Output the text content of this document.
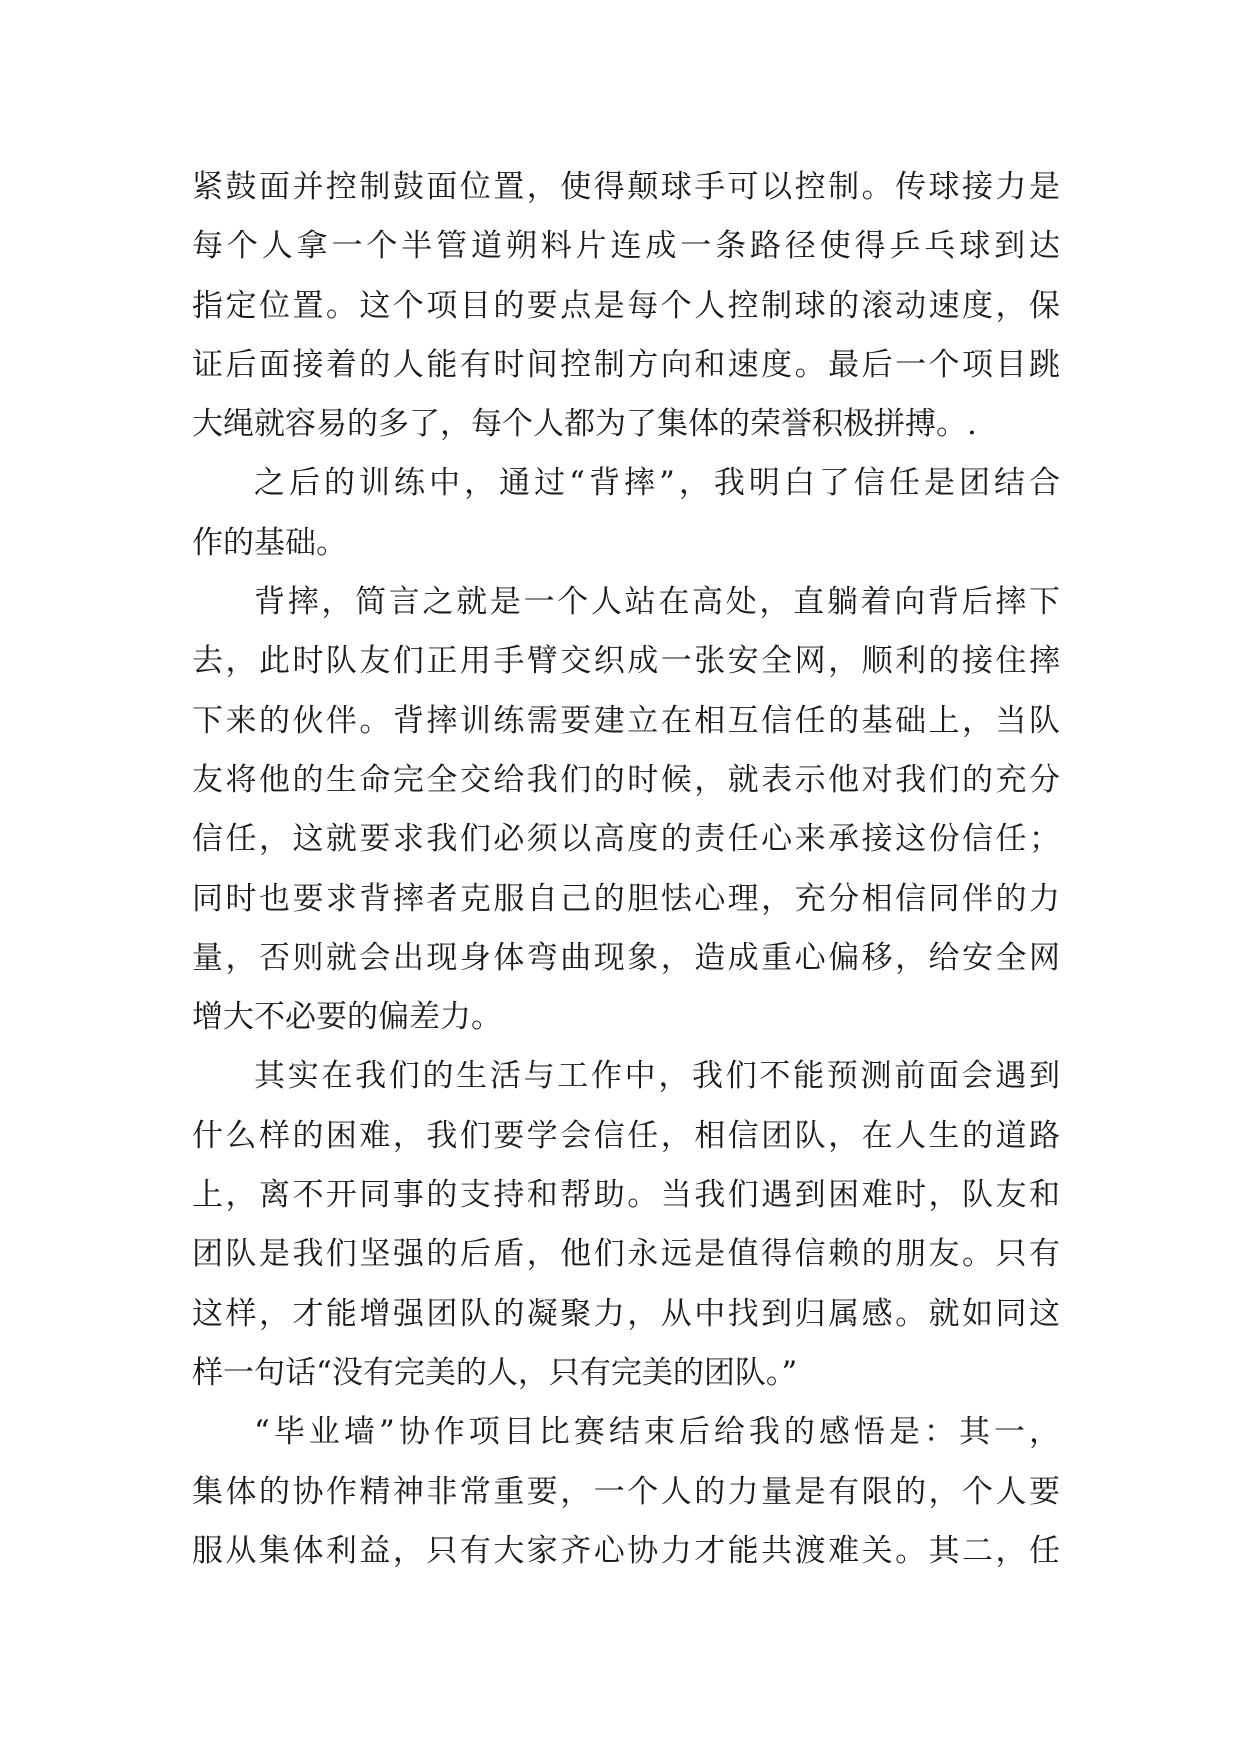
紧鼓面并控制鼓面位置，使得颠球手可以控制。传球接力是
每个人拿一个半管道朔料片连成一条路径使得乒乓球到达
指定位置。这个项目的要点是每个人控制球的滚动速度，保
证后面接着的人能有时间控制方向和速度。最后一个项目跳
大绳就容易的多了，每个人都为了集体的荣誉积极拼搏。.
之后的训练中，通过“背摔”，我明白了信任是团结合
作的基础。
背摔，简言之就是一个人站在高处，直躺着向背后摔下
去，此时队友们正用手臂交织成一张安全网，顺利的接住摔
下来的伙伴。背摔训练需要建立在相互信任的基础上，当队
友将他的生命完全交给我们的时候，就表示他对我们的充分
信任，这就要求我们必须以高度的责任心来承接这份信任；
同时也要求背摔者克服自己的胆怯心理，充分相信同伴的力
量，否则就会出现身体弯曲现象，造成重心偏移，给安全网
增大不必要的偏差力。
其实在我们的生活与工作中，我们不能预测前面会遇到
什么样的困难，我们要学会信任，相信团队，在人生的道路
上，离不开同事的支持和帮助。当我们遇到困难时，队友和
团队是我们坚强的后盾，他们永远是值得信赖的朋友。只有
这样，才能增强团队的凝聚力，从中找到归属感。就如同这
样一句话“没有完美的人，只有完美的团队。”
“毕业墙”协作项目比赛结束后给我的感悟是：其一，
集体的协作精神非常重要，一个人的力量是有限的，个人要
服从集体利益，只有大家齐心协力才能共渡难关。其二，任
